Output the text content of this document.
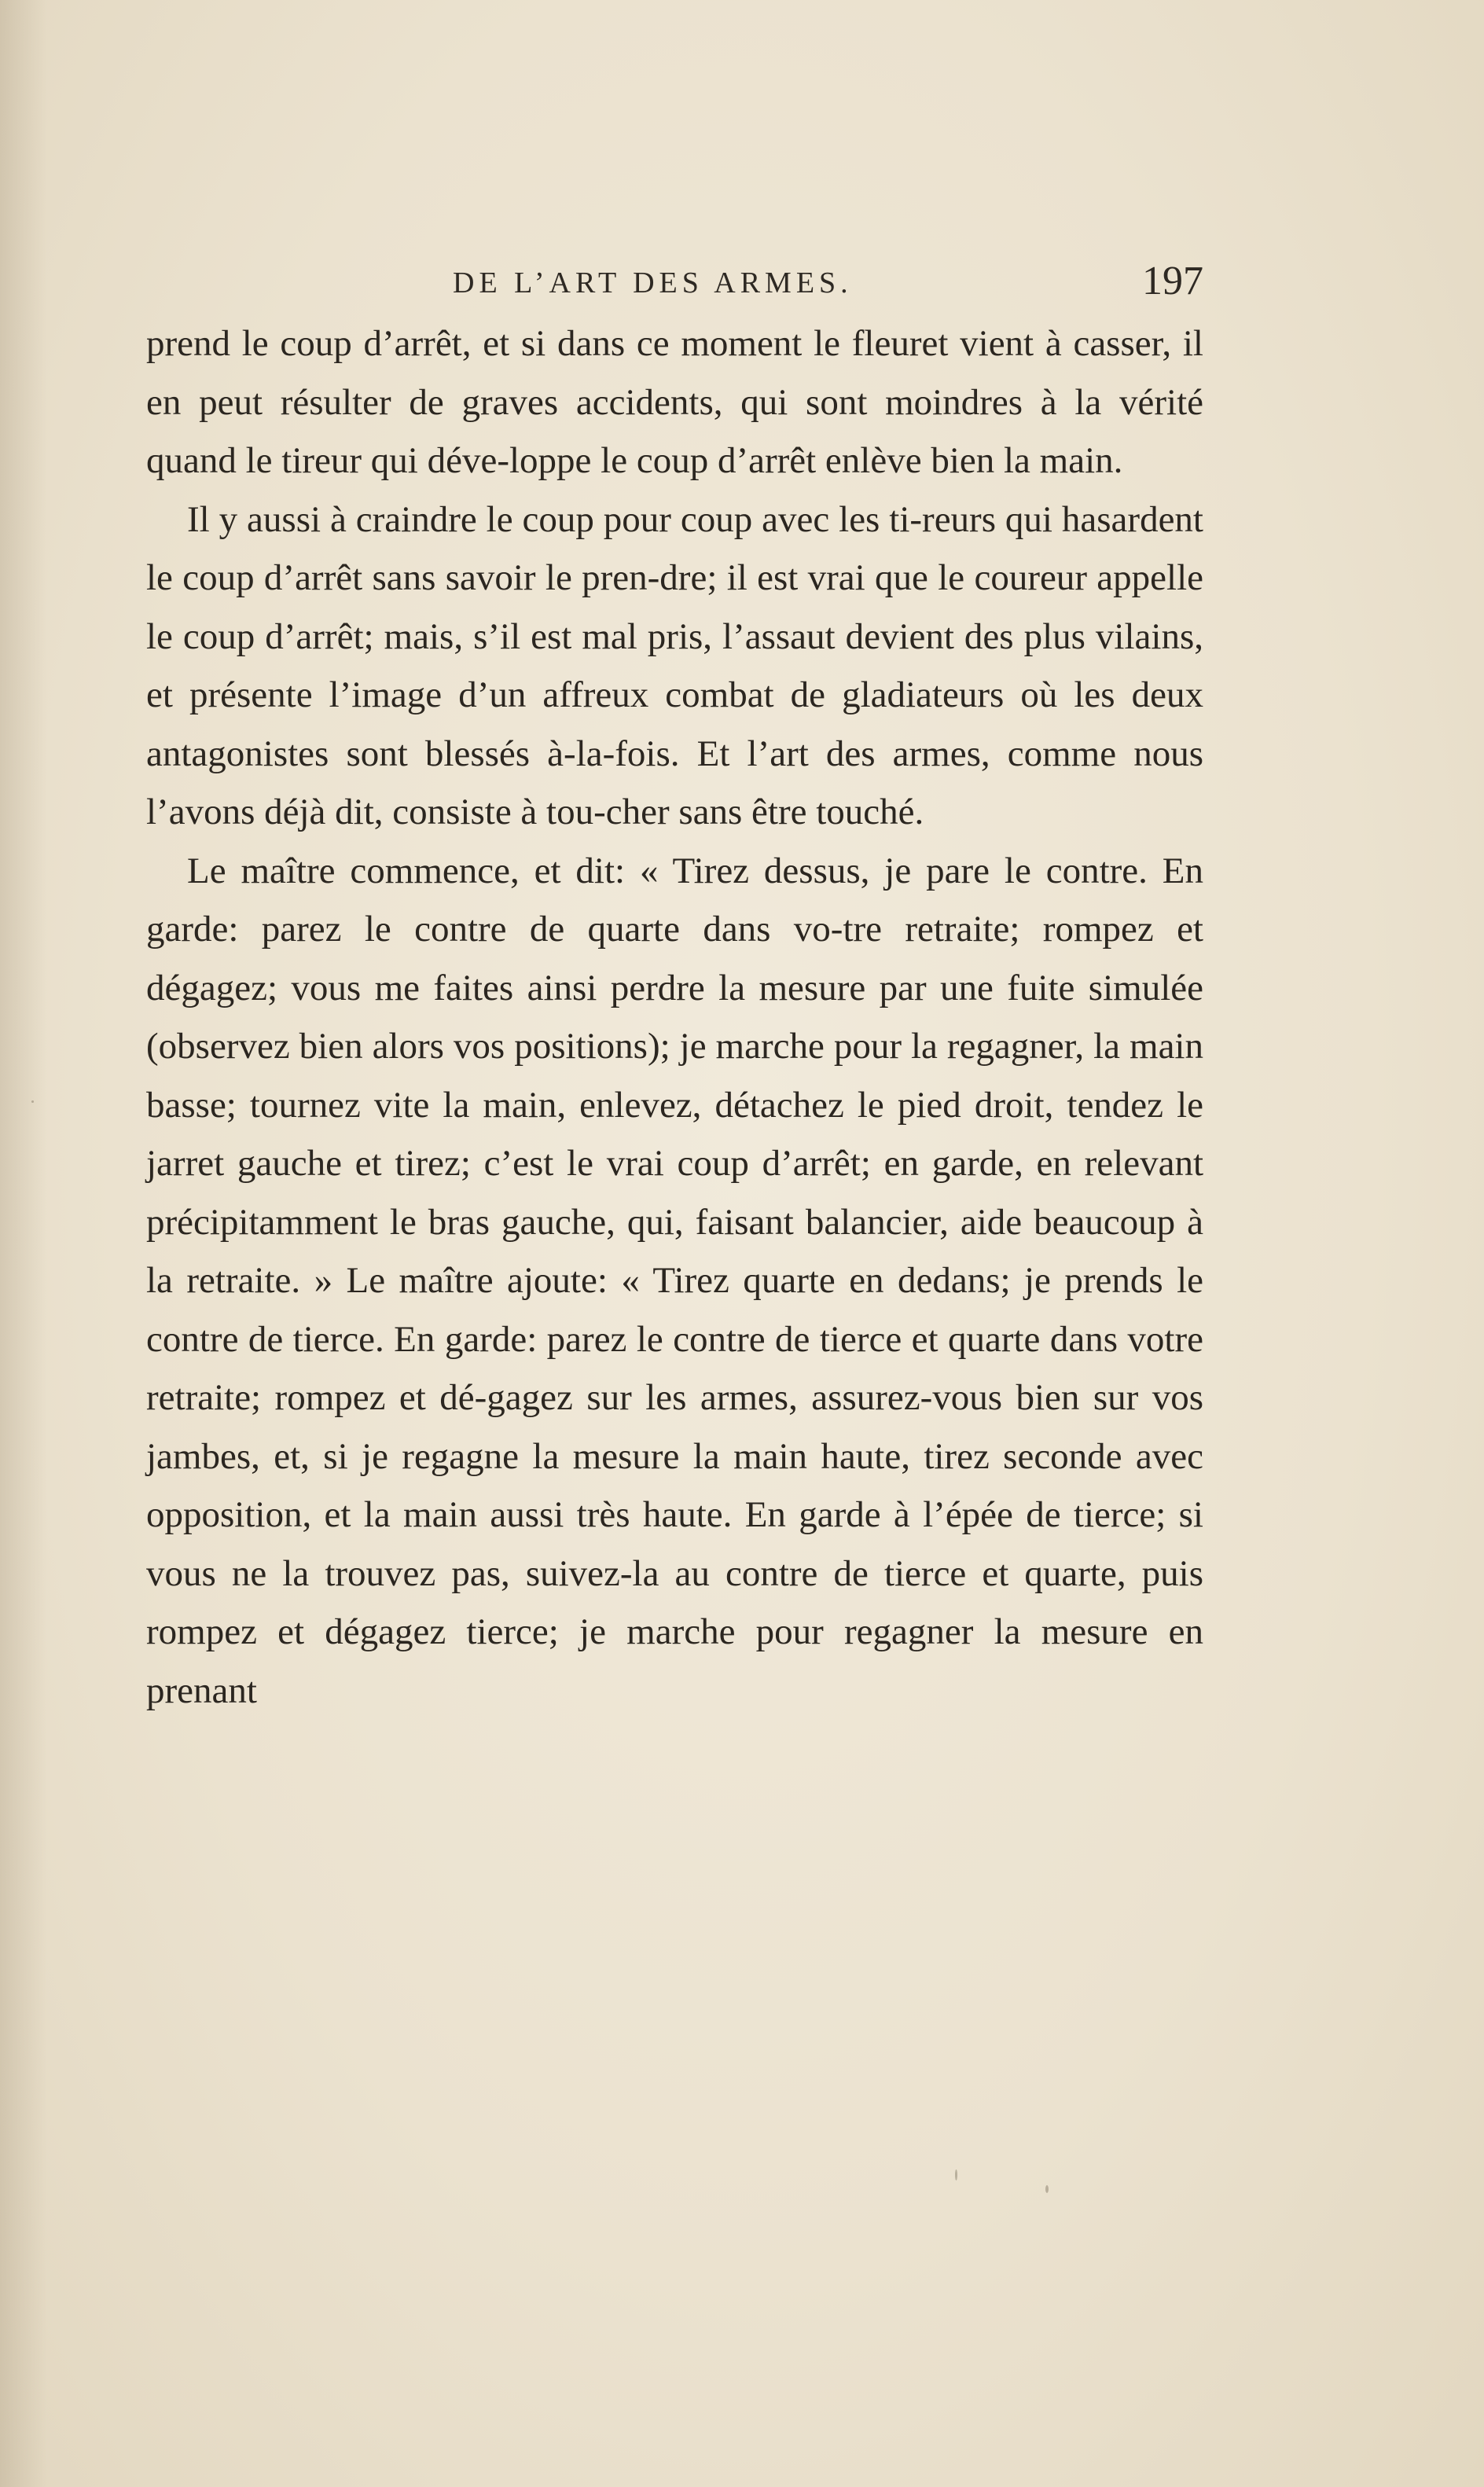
DE L’ART DES ARMES.	197

prend le coup d’arrêt, et si dans ce moment le fleuret vient à casser, il en peut résulter de graves accidents, qui sont moindres à la vérité quand le tireur qui déve-loppe le coup d’arrêt enlève bien la main.

Il y aussi à craindre le coup pour coup avec les ti-reurs qui hasardent le coup d’arrêt sans savoir le pren-dre; il est vrai que le coureur appelle le coup d’arrêt; mais, s’il est mal pris, l’assaut devient des plus vilains, et présente l’image d’un affreux combat de gladiateurs où les deux antagonistes sont blessés à-la-fois. Et l’art des armes, comme nous l’avons déjà dit, consiste à tou-cher sans être touché.

Le maître commence, et dit: « Tirez dessus, je pare le contre. En garde: parez le contre de quarte dans vo-tre retraite; rompez et dégagez; vous me faites ainsi perdre la mesure par une fuite simulée (observez bien alors vos positions); je marche pour la regagner, la main basse; tournez vite la main, enlevez, détachez le pied droit, tendez le jarret gauche et tirez; c’est le vrai coup d’arrêt; en garde, en relevant précipitamment le bras gauche, qui, faisant balancier, aide beaucoup à la retraite. » Le maître ajoute: « Tirez quarte en dedans; je prends le contre de tierce. En garde: parez le contre de tierce et quarte dans votre retraite; rompez et dé-gagez sur les armes, assurez-vous bien sur vos jambes, et, si je regagne la mesure la main haute, tirez seconde avec opposition, et la main aussi très haute. En garde à l’épée de tierce; si vous ne la trouvez pas, suivez-la au contre de tierce et quarte, puis rompez et dégagez tierce; je marche pour regagner la mesure en prenant
